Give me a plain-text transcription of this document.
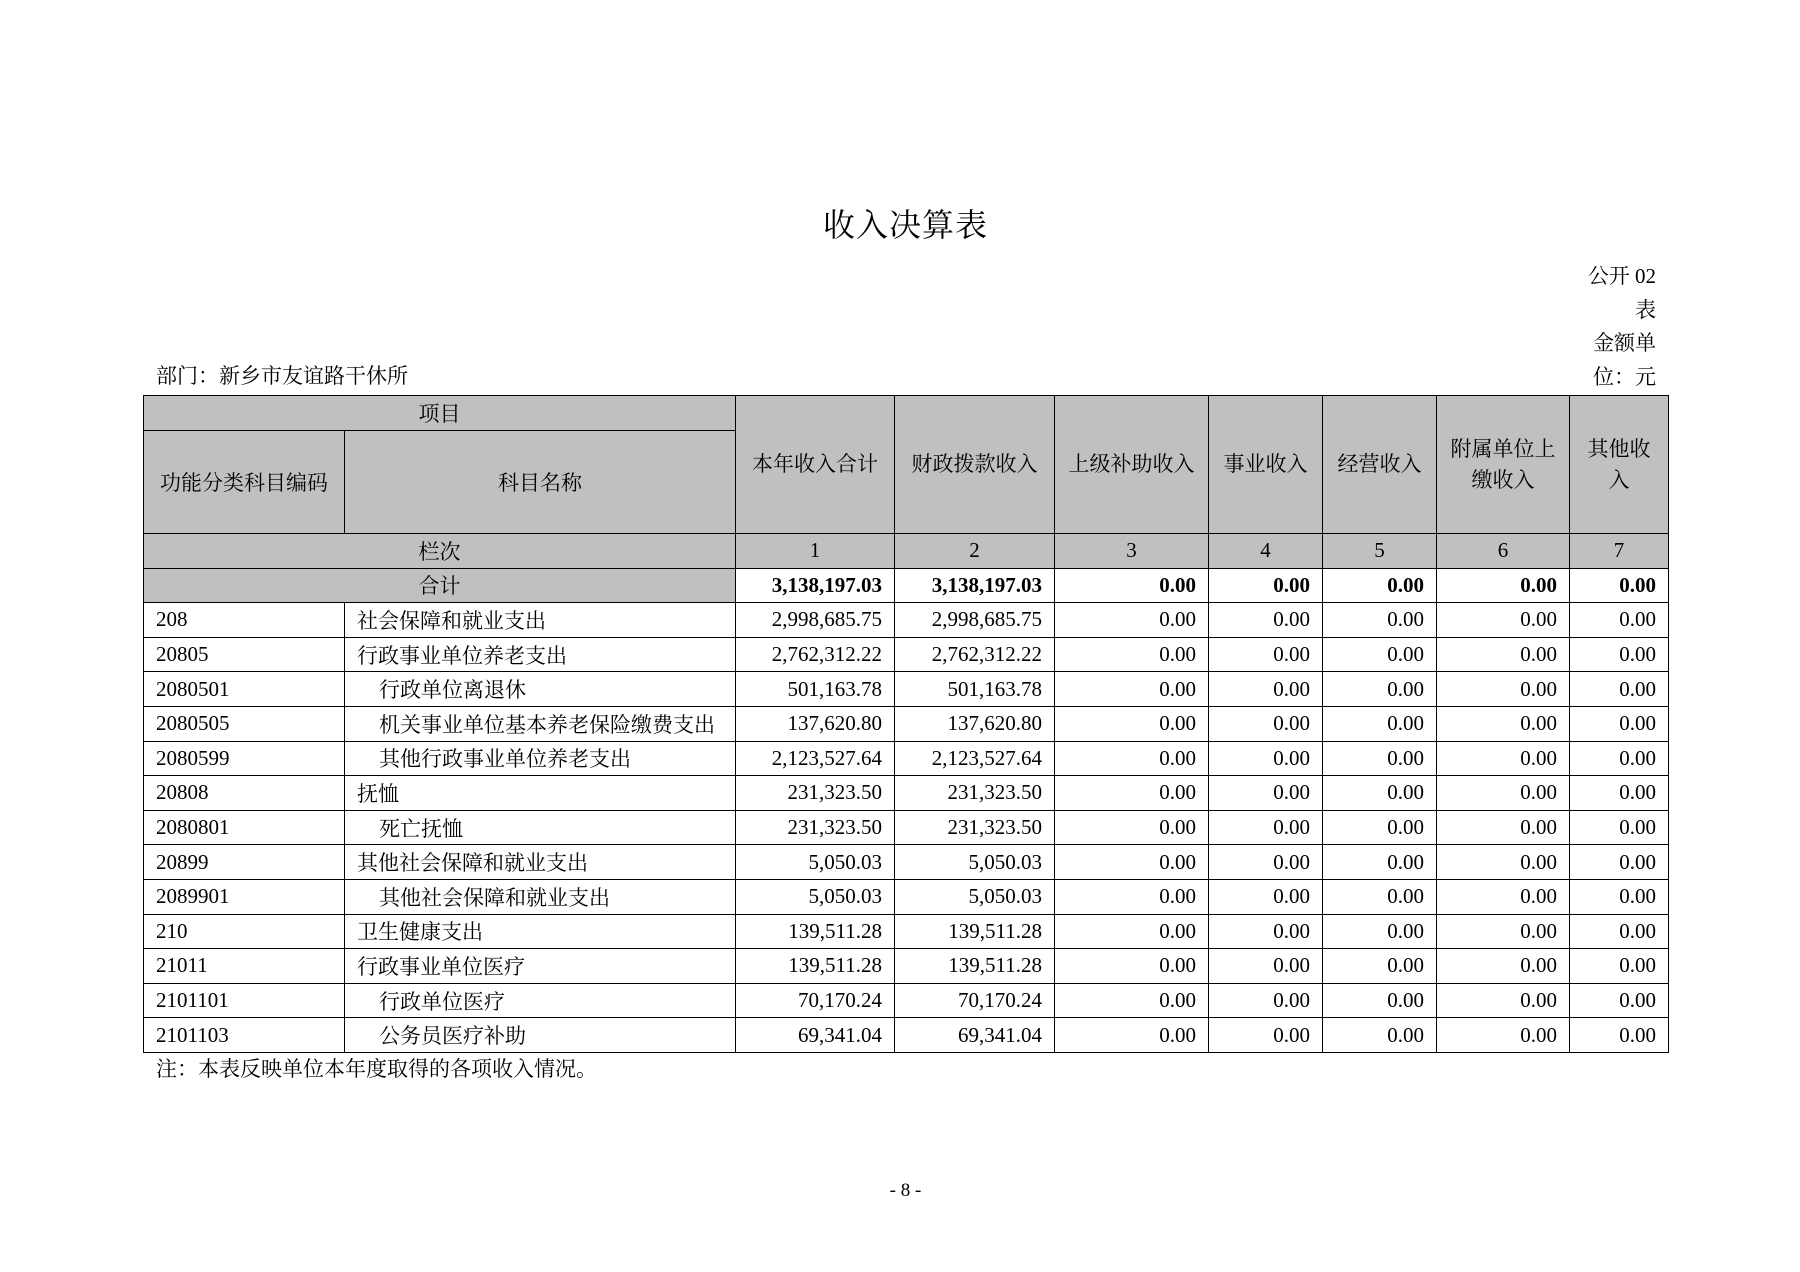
收入决算表
公开 02
表
金额单
位：元
部门：新乡市友谊路干休所
项目		本年收入合计	财政拨款收入	上级补助收入	事业收入	经营收入	附属单位上缴收入	其他收入
功能分类科目编码	科目名称							
栏次		1	2	3	4	5	6	7
合计		3,138,197.03	3,138,197.03	0.00	0.00	0.00	0.00	0.00
208	社会保障和就业支出	2,998,685.75	2,998,685.75	0.00	0.00	0.00	0.00	0.00
20805	行政事业单位养老支出	2,762,312.22	2,762,312.22	0.00	0.00	0.00	0.00	0.00
2080501	行政单位离退休	501,163.78	501,163.78	0.00	0.00	0.00	0.00	0.00
2080505	机关事业单位基本养老保险缴费支出	137,620.80	137,620.80	0.00	0.00	0.00	0.00	0.00
2080599	其他行政事业单位养老支出	2,123,527.64	2,123,527.64	0.00	0.00	0.00	0.00	0.00
20808	抚恤	231,323.50	231,323.50	0.00	0.00	0.00	0.00	0.00
2080801	死亡抚恤	231,323.50	231,323.50	0.00	0.00	0.00	0.00	0.00
20899	其他社会保障和就业支出	5,050.03	5,050.03	0.00	0.00	0.00	0.00	0.00
2089901	其他社会保障和就业支出	5,050.03	5,050.03	0.00	0.00	0.00	0.00	0.00
210	卫生健康支出	139,511.28	139,511.28	0.00	0.00	0.00	0.00	0.00
21011	行政事业单位医疗	139,511.28	139,511.28	0.00	0.00	0.00	0.00	0.00
2101101	行政单位医疗	70,170.24	70,170.24	0.00	0.00	0.00	0.00	0.00
2101103	公务员医疗补助	69,341.04	69,341.04	0.00	0.00	0.00	0.00	0.00
注：本表反映单位本年度取得的各项收入情况。
- 8 -
